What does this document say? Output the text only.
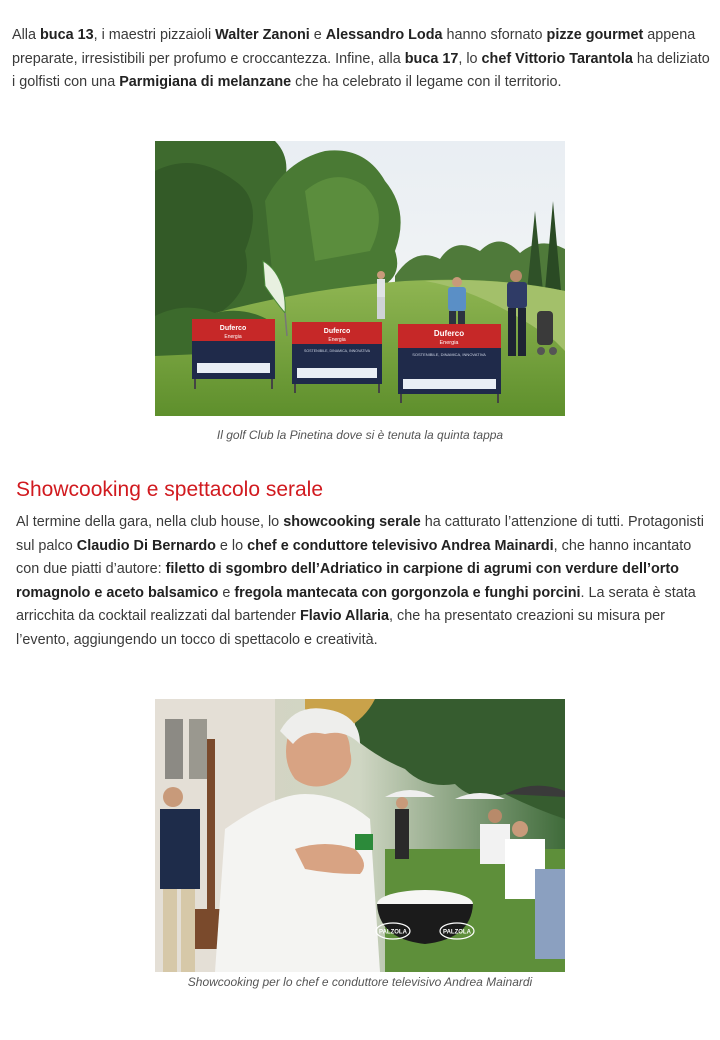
Alla buca 13, i maestri pizzaioli Walter Zanoni e Alessandro Loda hanno sfornato pizze gourmet appena preparate, irresistibili per profumo e croccantezza. Infine, alla buca 17, lo chef Vittorio Tarantola ha deliziato i golfisti con una Parmigiana di melanzane che ha celebrato il legame con il territorio.

Duferco
Energia
Duferco
Energia
SOSTENIBILE, DINAMICA, INNOVATIVA
Duferco
Energia
SOSTENIBILE, DINAMICA, INNOVATIVA

Il golf Club la Pinetina dove si è tenuta la quinta tappa

Showcooking e spettacolo serale

Al termine della gara, nella club house, lo showcooking serale ha catturato l’attenzione di tutti. Protagonisti sul palco Claudio Di Bernardo e lo chef e conduttore televisivo Andrea Mainardi, che hanno incantato con due piatti d’autore: filetto di sgombro dell’Adriatico in carpione di agrumi con verdure dell’orto romagnolo e aceto balsamico e fregola mantecata con gorgonzola e funghi porcini. La serata è stata arricchita da cocktail realizzati dal bartender Flavio Allaria, che ha presentato creazioni su misura per l’evento, aggiungendo un tocco di spettacolo e creatività.

PALZOLA	PALZOLA

Showcooking per lo chef e conduttore televisivo Andrea Mainardi
